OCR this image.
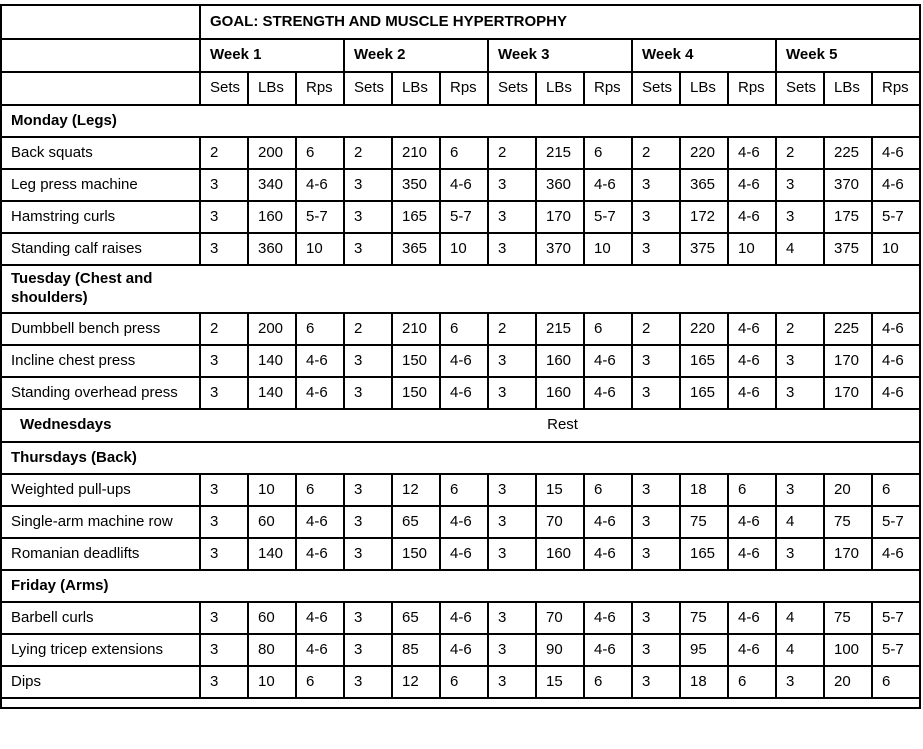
	GOAL: STRENGTH AND MUSCLE HYPERTROPHY														
	Week 1			Week 2			Week 3			Week 4			Week 5		
	Sets	LBs	Rps	Sets	LBs	Rps	Sets	LBs	Rps	Sets	LBs	Rps	Sets	LBs	Rps
Monday (Legs)															
Back squats	2	200	6	2	210	6	2	215	6	2	220	4-6	2	225	4-6
Leg press machine	3	340	4-6	3	350	4-6	3	360	4-6	3	365	4-6	3	370	4-6
Hamstring curls	3	160	5-7	3	165	5-7	3	170	5-7	3	172	4-6	3	175	5-7
Standing calf raises	3	360	10	3	365	10	3	370	10	3	375	10	4	375	10
Tuesday (Chest and shoulders)															
Dumbbell bench press	2	200	6	2	210	6	2	215	6	2	220	4-6	2	225	4-6
Incline chest press	3	140	4-6	3	150	4-6	3	160	4-6	3	165	4-6	3	170	4-6
Standing overhead press	3	140	4-6	3	150	4-6	3	160	4-6	3	165	4-6	3	170	4-6

Wednesdays Rest															

Thursdays (Back)															
Weighted pull-ups	3	10	6	3	12	6	3	15	6	3	18	6	3	20	6
Single-arm machine row	3	60	4-6	3	65	4-6	3	70	4-6	3	75	4-6	4	75	5-7
Romanian deadlifts	3	140	4-6	3	150	4-6	3	160	4-6	3	165	4-6	3	170	4-6
Friday (Arms)															
Barbell curls	3	60	4-6	3	65	4-6	3	70	4-6	3	75	4-6	4	75	5-7
Lying tricep extensions	3	80	4-6	3	85	4-6	3	90	4-6	3	95	4-6	4	100	5-7
Dips	3	10	6	3	12	6	3	15	6	3	18	6	3	20	6
